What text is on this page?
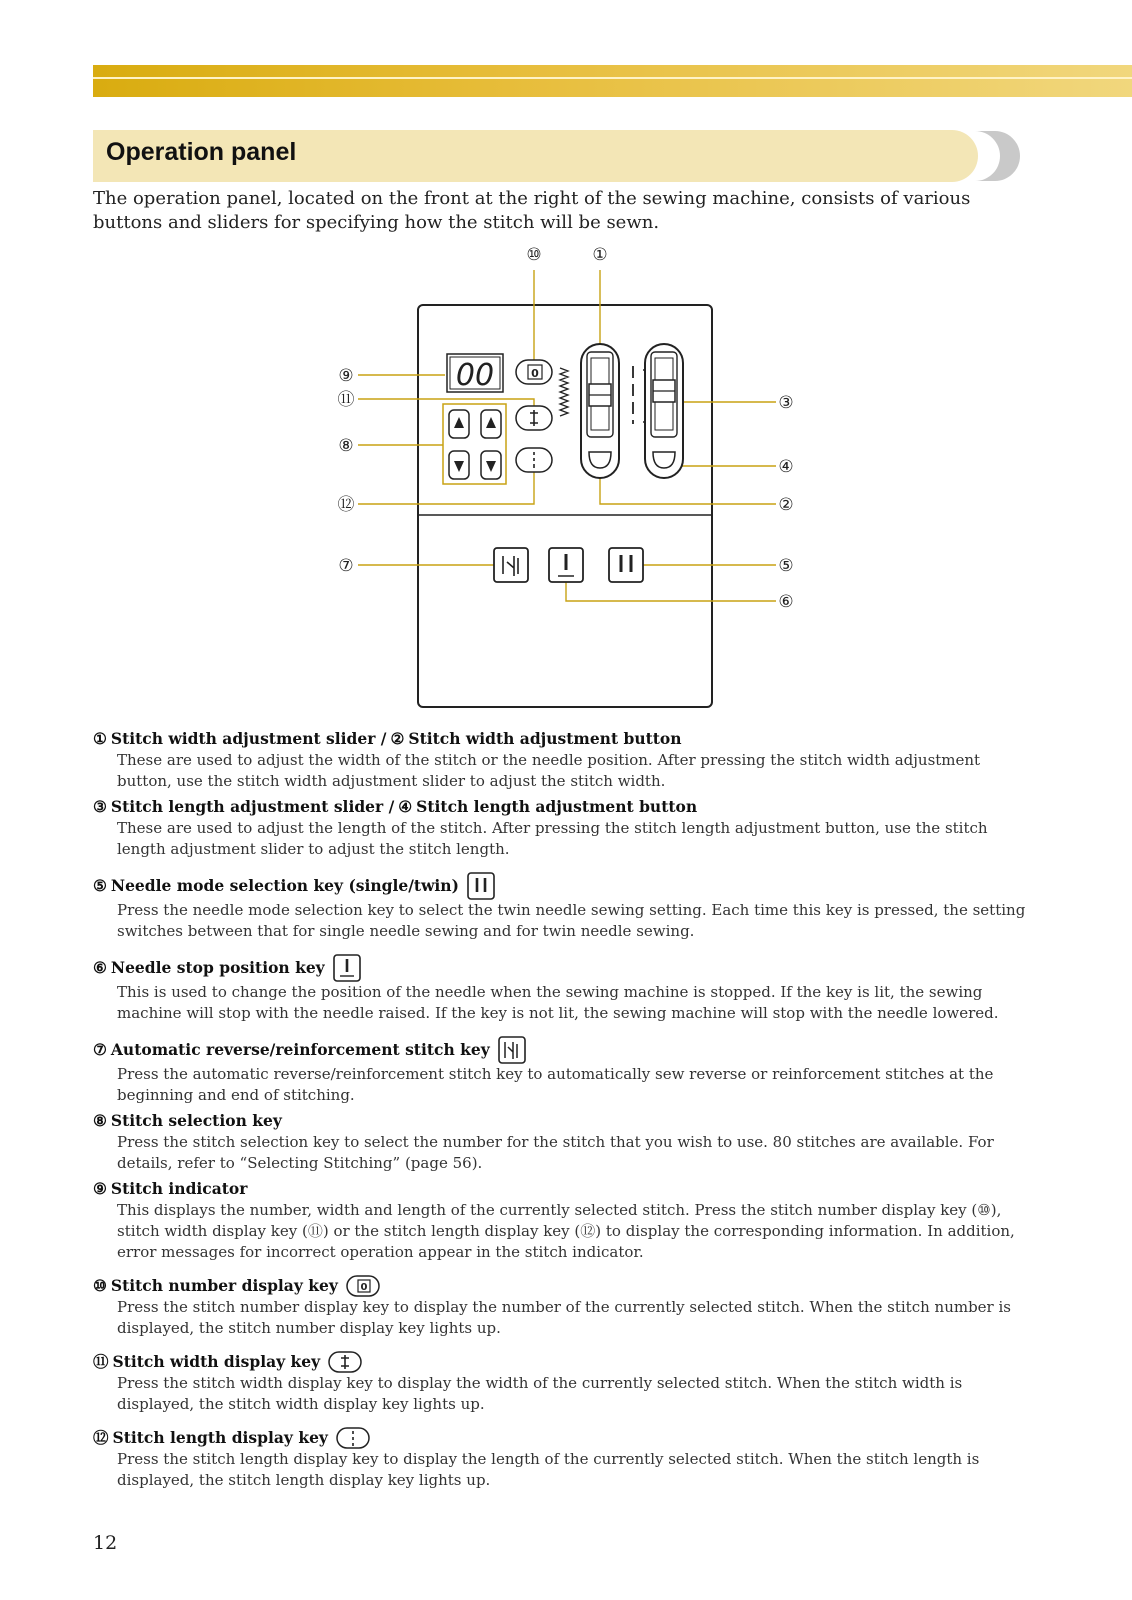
Operation panel
The operation panel, located on the front at the right of the sewing machine, consists of various buttons and sliders for specifying how the stitch will be sewn.
00	0
⑩	①
⑨
⑪
⑧
⑫
⑦
③
④
②
⑤
⑥
① Stitch width adjustment slider / ② Stitch width adjustment button
These are used to adjust the width of the stitch or the needle position. After pressing the stitch width adjustment button, use the stitch width adjustment slider to adjust the stitch width.
③ Stitch length adjustment slider / ④ Stitch length adjustment button
These are used to adjust the length of the stitch. After pressing the stitch length adjustment button, use the stitch length adjustment slider to adjust the stitch length.
⑤ Needle mode selection key (single/twin)
Press the needle mode selection key to select the twin needle sewing setting. Each time this key is pressed, the setting switches between that for single needle sewing and for twin needle sewing.
⑥ Needle stop position key
This is used to change the position of the needle when the sewing machine is stopped. If the key is lit, the sewing machine will stop with the needle raised. If the key is not lit, the sewing machine will stop with the needle lowered.
⑦ Automatic reverse/reinforcement stitch key
Press the automatic reverse/reinforcement stitch key to automatically sew reverse or reinforcement stitches at the beginning and end of stitching.
⑧ Stitch selection key
Press the stitch selection key to select the number for the stitch that you wish to use. 80 stitches are available. For details, refer to “Selecting Stitching” (page 56).
⑨ Stitch indicator
This displays the number, width and length of the currently selected stitch. Press the stitch number display key (⑩), stitch width display key (⑪) or the stitch length display key (⑫) to display the corresponding information. In addition, error messages for incorrect operation appear in the stitch indicator.
⑩ Stitch number display key 0
Press the stitch number display key to display the number of the currently selected stitch. When the stitch number is displayed, the stitch number display key lights up.
⑪ Stitch width display key
Press the stitch width display key to display the width of the currently selected stitch. When the stitch width is displayed, the stitch width display key lights up.
⑫ Stitch length display key
Press the stitch length display key to display the length of the currently selected stitch. When the stitch length is displayed, the stitch length display key lights up.
12
